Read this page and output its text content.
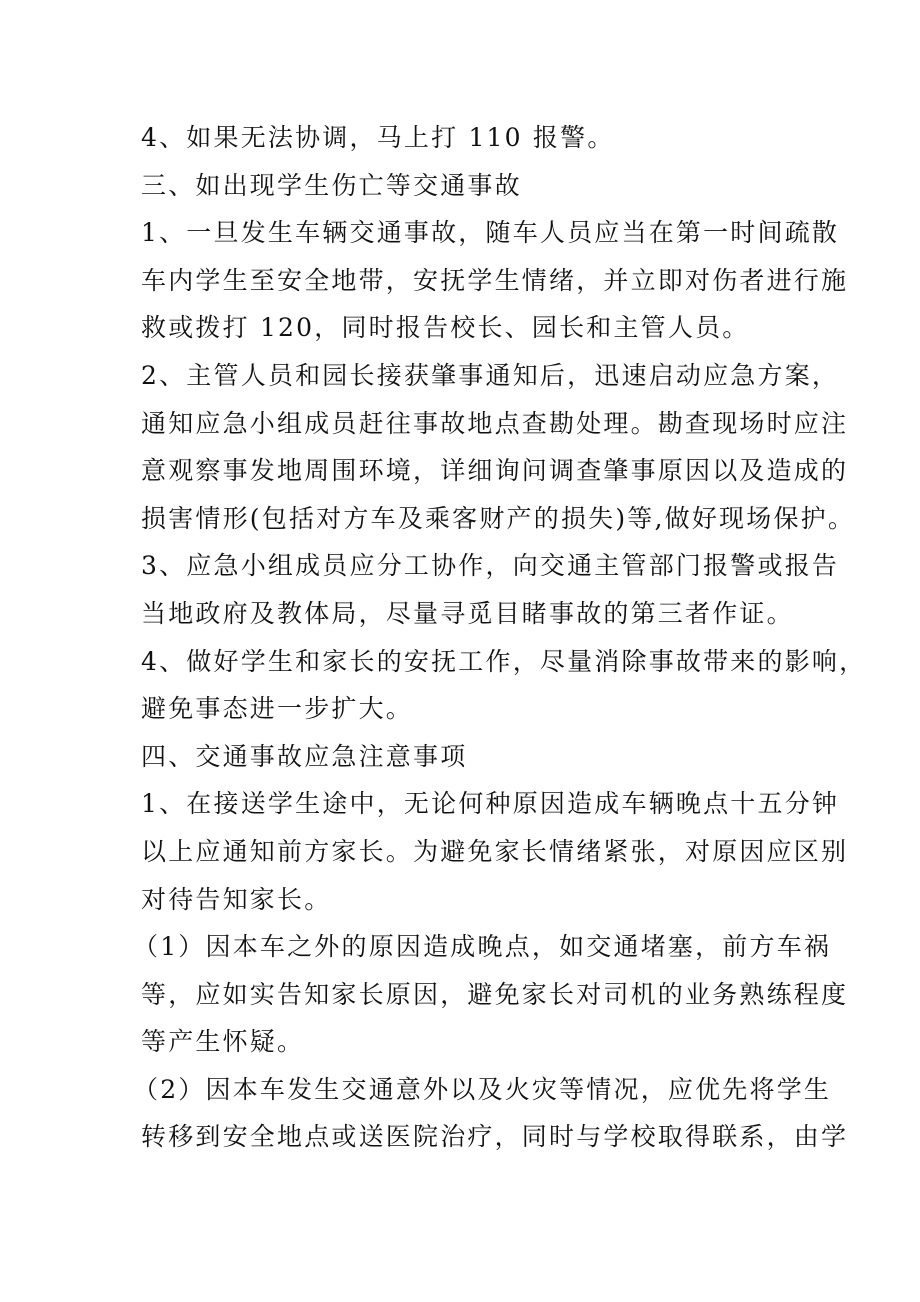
4、如果无法协调，马上打 110 报警。
三、如出现学生伤亡等交通事故
1、一旦发生车辆交通事故，随车人员应当在第一时间疏散
车内学生至安全地带，安抚学生情绪，并立即对伤者进行施
救或拨打 120，同时报告校长、园长和主管人员。
2、主管人员和园长接获肇事通知后，迅速启动应急方案，
通知应急小组成员赶往事故地点查勘处理。勘查现场时应注
意观察事发地周围环境，详细询问调查肇事原因以及造成的
损害情形(包括对方车及乘客财产的损失)等,做好现场保护。
3、应急小组成员应分工协作，向交通主管部门报警或报告
当地政府及教体局，尽量寻觅目睹事故的第三者作证。
4、做好学生和家长的安抚工作，尽量消除事故带来的影响，
避免事态进一步扩大。
四、交通事故应急注意事项
1、在接送学生途中，无论何种原因造成车辆晚点十五分钟
以上应通知前方家长。为避免家长情绪紧张，对原因应区别
对待告知家长。
（1）因本车之外的原因造成晚点，如交通堵塞，前方车祸
等，应如实告知家长原因，避免家长对司机的业务熟练程度
等产生怀疑。
（2）因本车发生交通意外以及火灾等情况，应优先将学生
转移到安全地点或送医院治疗，同时与学校取得联系，由学
